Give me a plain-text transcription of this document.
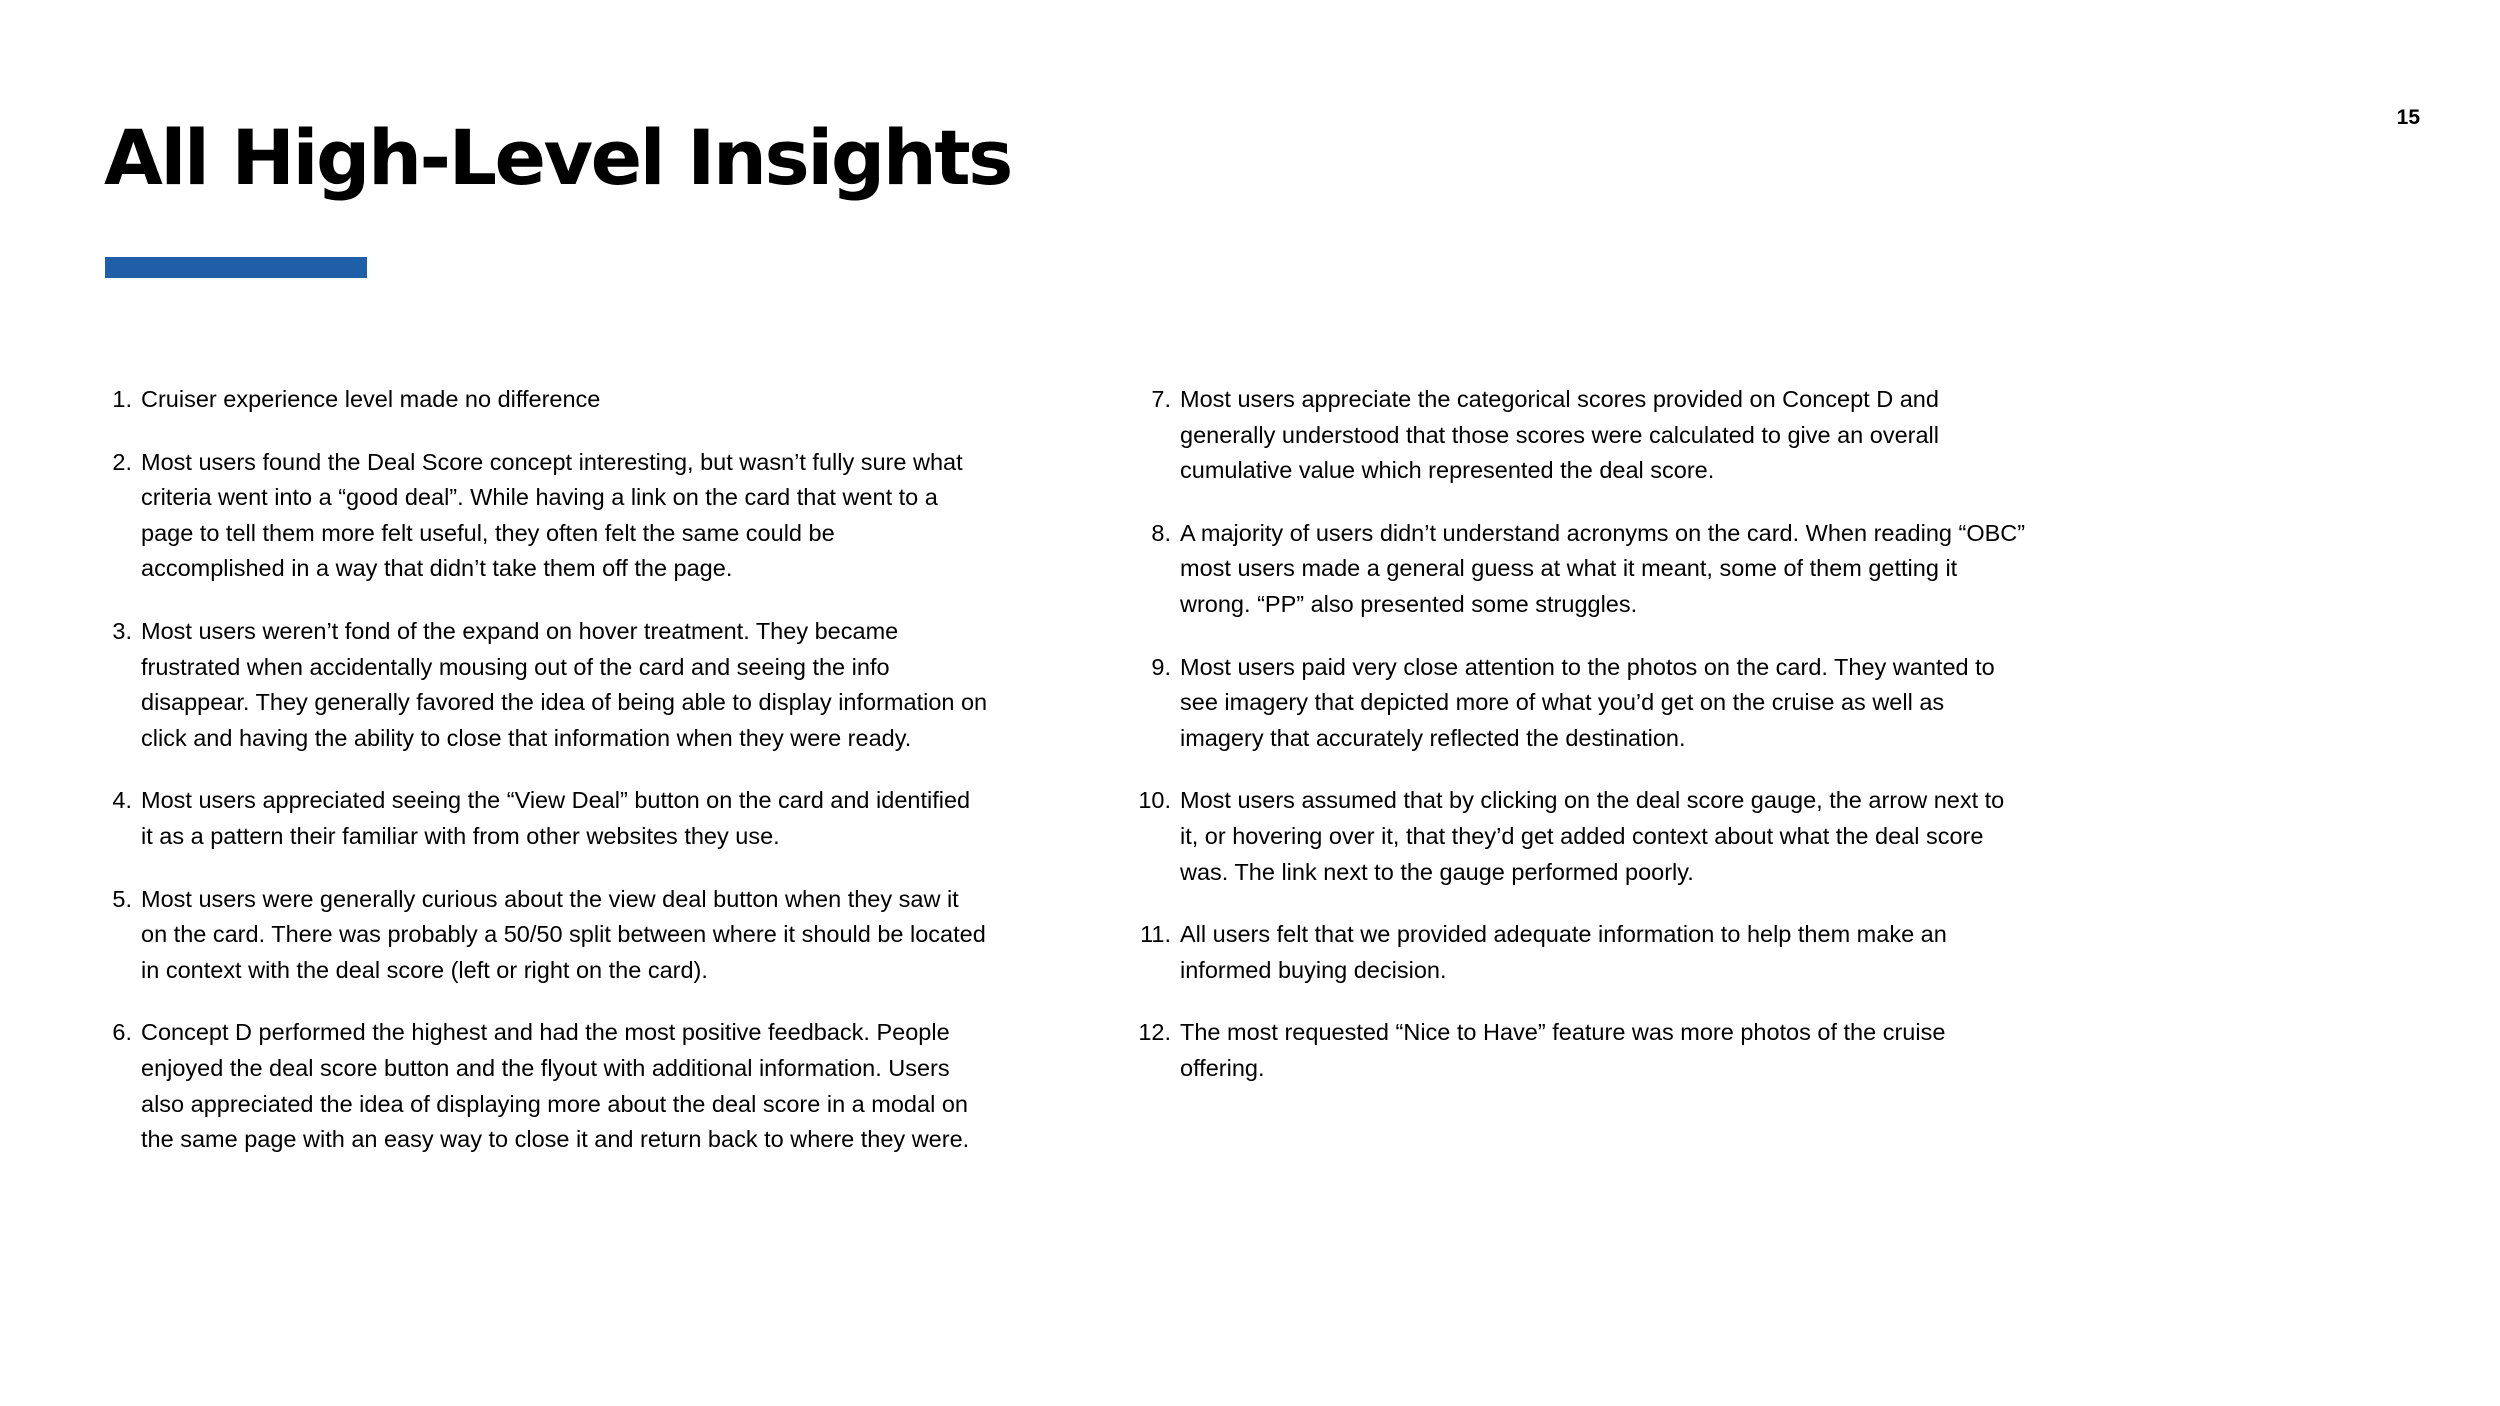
15
All High-Level Insights
1. Cruiser experience level made no difference
2. Most users found the Deal Score concept interesting, but wasn’t fully sure what
criteria went into a “good deal”. While having a link on the card that went to a
page to tell them more felt useful, they often felt the same could be
accomplished in a way that didn’t take them off the page.
3. Most users weren’t fond of the expand on hover treatment. They became
frustrated when accidentally mousing out of the card and seeing the info
disappear. They generally favored the idea of being able to display information on
click and having the ability to close that information when they were ready.
4. Most users appreciated seeing the “View Deal” button on the card and identified
it as a pattern their familiar with from other websites they use.
5. Most users were generally curious about the view deal button when they saw it
on the card. There was probably a 50/50 split between where it should be located
in context with the deal score (left or right on the card).
6. Concept D performed the highest and had the most positive feedback. People
enjoyed the deal score button and the flyout with additional information. Users
also appreciated the idea of displaying more about the deal score in a modal on
the same page with an easy way to close it and return back to where they were.
7. Most users appreciate the categorical scores provided on Concept D and
generally understood that those scores were calculated to give an overall
cumulative value which represented the deal score.
8. A majority of users didn’t understand acronyms on the card. When reading “OBC”
most users made a general guess at what it meant, some of them getting it
wrong. “PP” also presented some struggles.
9. Most users paid very close attention to the photos on the card. They wanted to
see imagery that depicted more of what you’d get on the cruise as well as
imagery that accurately reflected the destination.
10. Most users assumed that by clicking on the deal score gauge, the arrow next to
it, or hovering over it, that they’d get added context about what the deal score
was. The link next to the gauge performed poorly.
11. All users felt that we provided adequate information to help them make an
informed buying decision.
12. The most requested “Nice to Have” feature was more photos of the cruise
offering.
